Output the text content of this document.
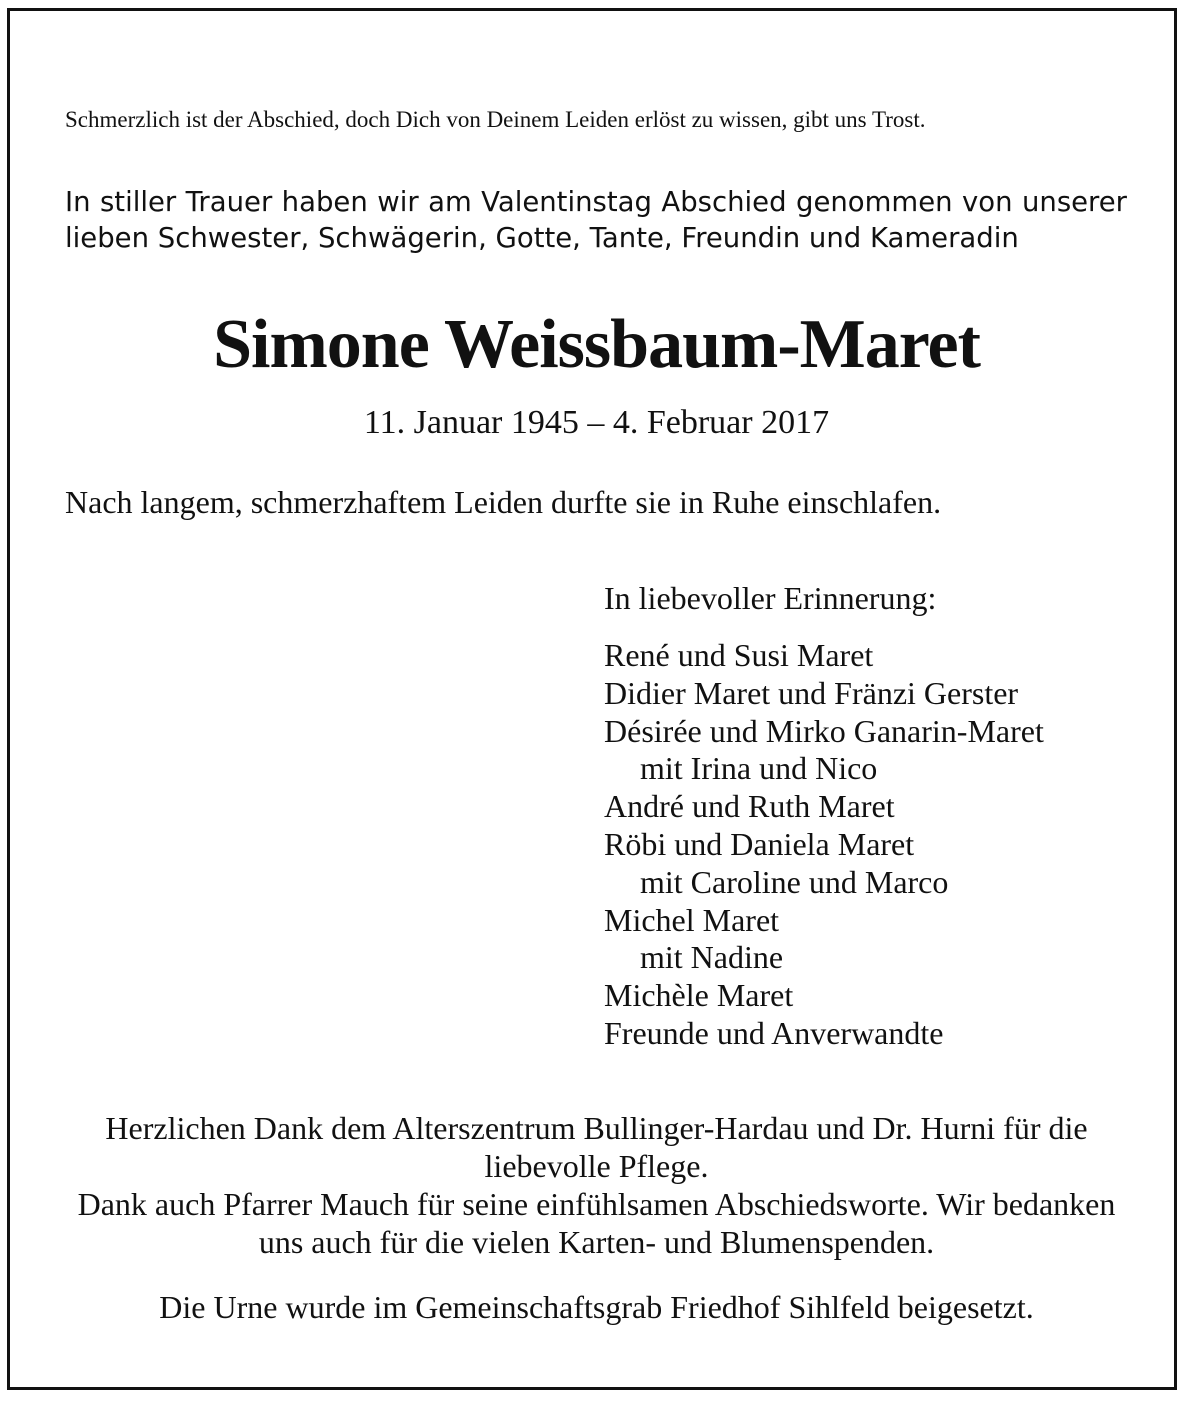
Schmerzlich ist der Abschied, doch Dich von Deinem Leiden erlöst zu wissen, gibt uns Trost.

In stiller Trauer haben wir am Valentinstag Abschied genommen von unserer lieben Schwester, Schwägerin, Gotte, Tante, Freundin und Kameradin

Simone Weissbaum-Maret

11. Januar 1945 – 4. Februar 2017

Nach langem, schmerzhaftem Leiden durfte sie in Ruhe einschlafen.

In liebevoller Erinnerung:

René und Susi Maret
Didier Maret und Fränzi Gerster
Désirée und Mirko Ganarin-Maret
mit Irina und Nico
André und Ruth Maret
Röbi und Daniela Maret
mit Caroline und Marco
Michel Maret
mit Nadine
Michèle Maret
Freunde und Anverwandte

Herzlichen Dank dem Alterszentrum Bullinger-Hardau und Dr. Hurni für die liebevolle Pflege.

Dank auch Pfarrer Mauch für seine einfühlsamen Abschiedsworte. Wir bedanken uns auch für die vielen Karten- und Blumenspenden.

Die Urne wurde im Gemeinschaftsgrab Friedhof Sihlfeld beigesetzt.
